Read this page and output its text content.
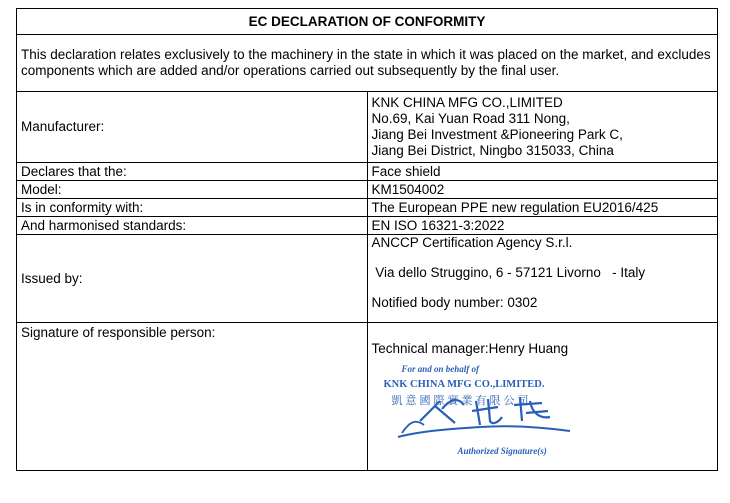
EC DECLARATION OF CONFORMITY	
This declaration relates exclusively to the machinery in the state in which it was placed on the market, and excludes components which are added and/or operations carried out subsequently by the final user.	
Manufacturer:	KNK CHINA MFG CO.,LIMITED
No.69, Kai Yuan Road 311 Nong,
Jiang Bei Investment &Pioneering Park C,
Jiang Bei District, Ningbo 315033, China

Declares that the:	Face shield
Model:	KM1504002
Is in conformity with:	The European PPE new regulation EU2016/425
And harmonised standards:	EN ISO 16321-3:2022
Issued by:	ANCCP Certification Agency S.r.l.
Via dello Struggino, 6 - 57121 Livorno   - Italy
Notified body number: 0302

Signature of responsible person:	Technical manager:Henry Huang
For and on behalf of
KNK CHINA MFG CO.,LIMITED.
凱意國際實業有限公司
Authorized Signature(s)
